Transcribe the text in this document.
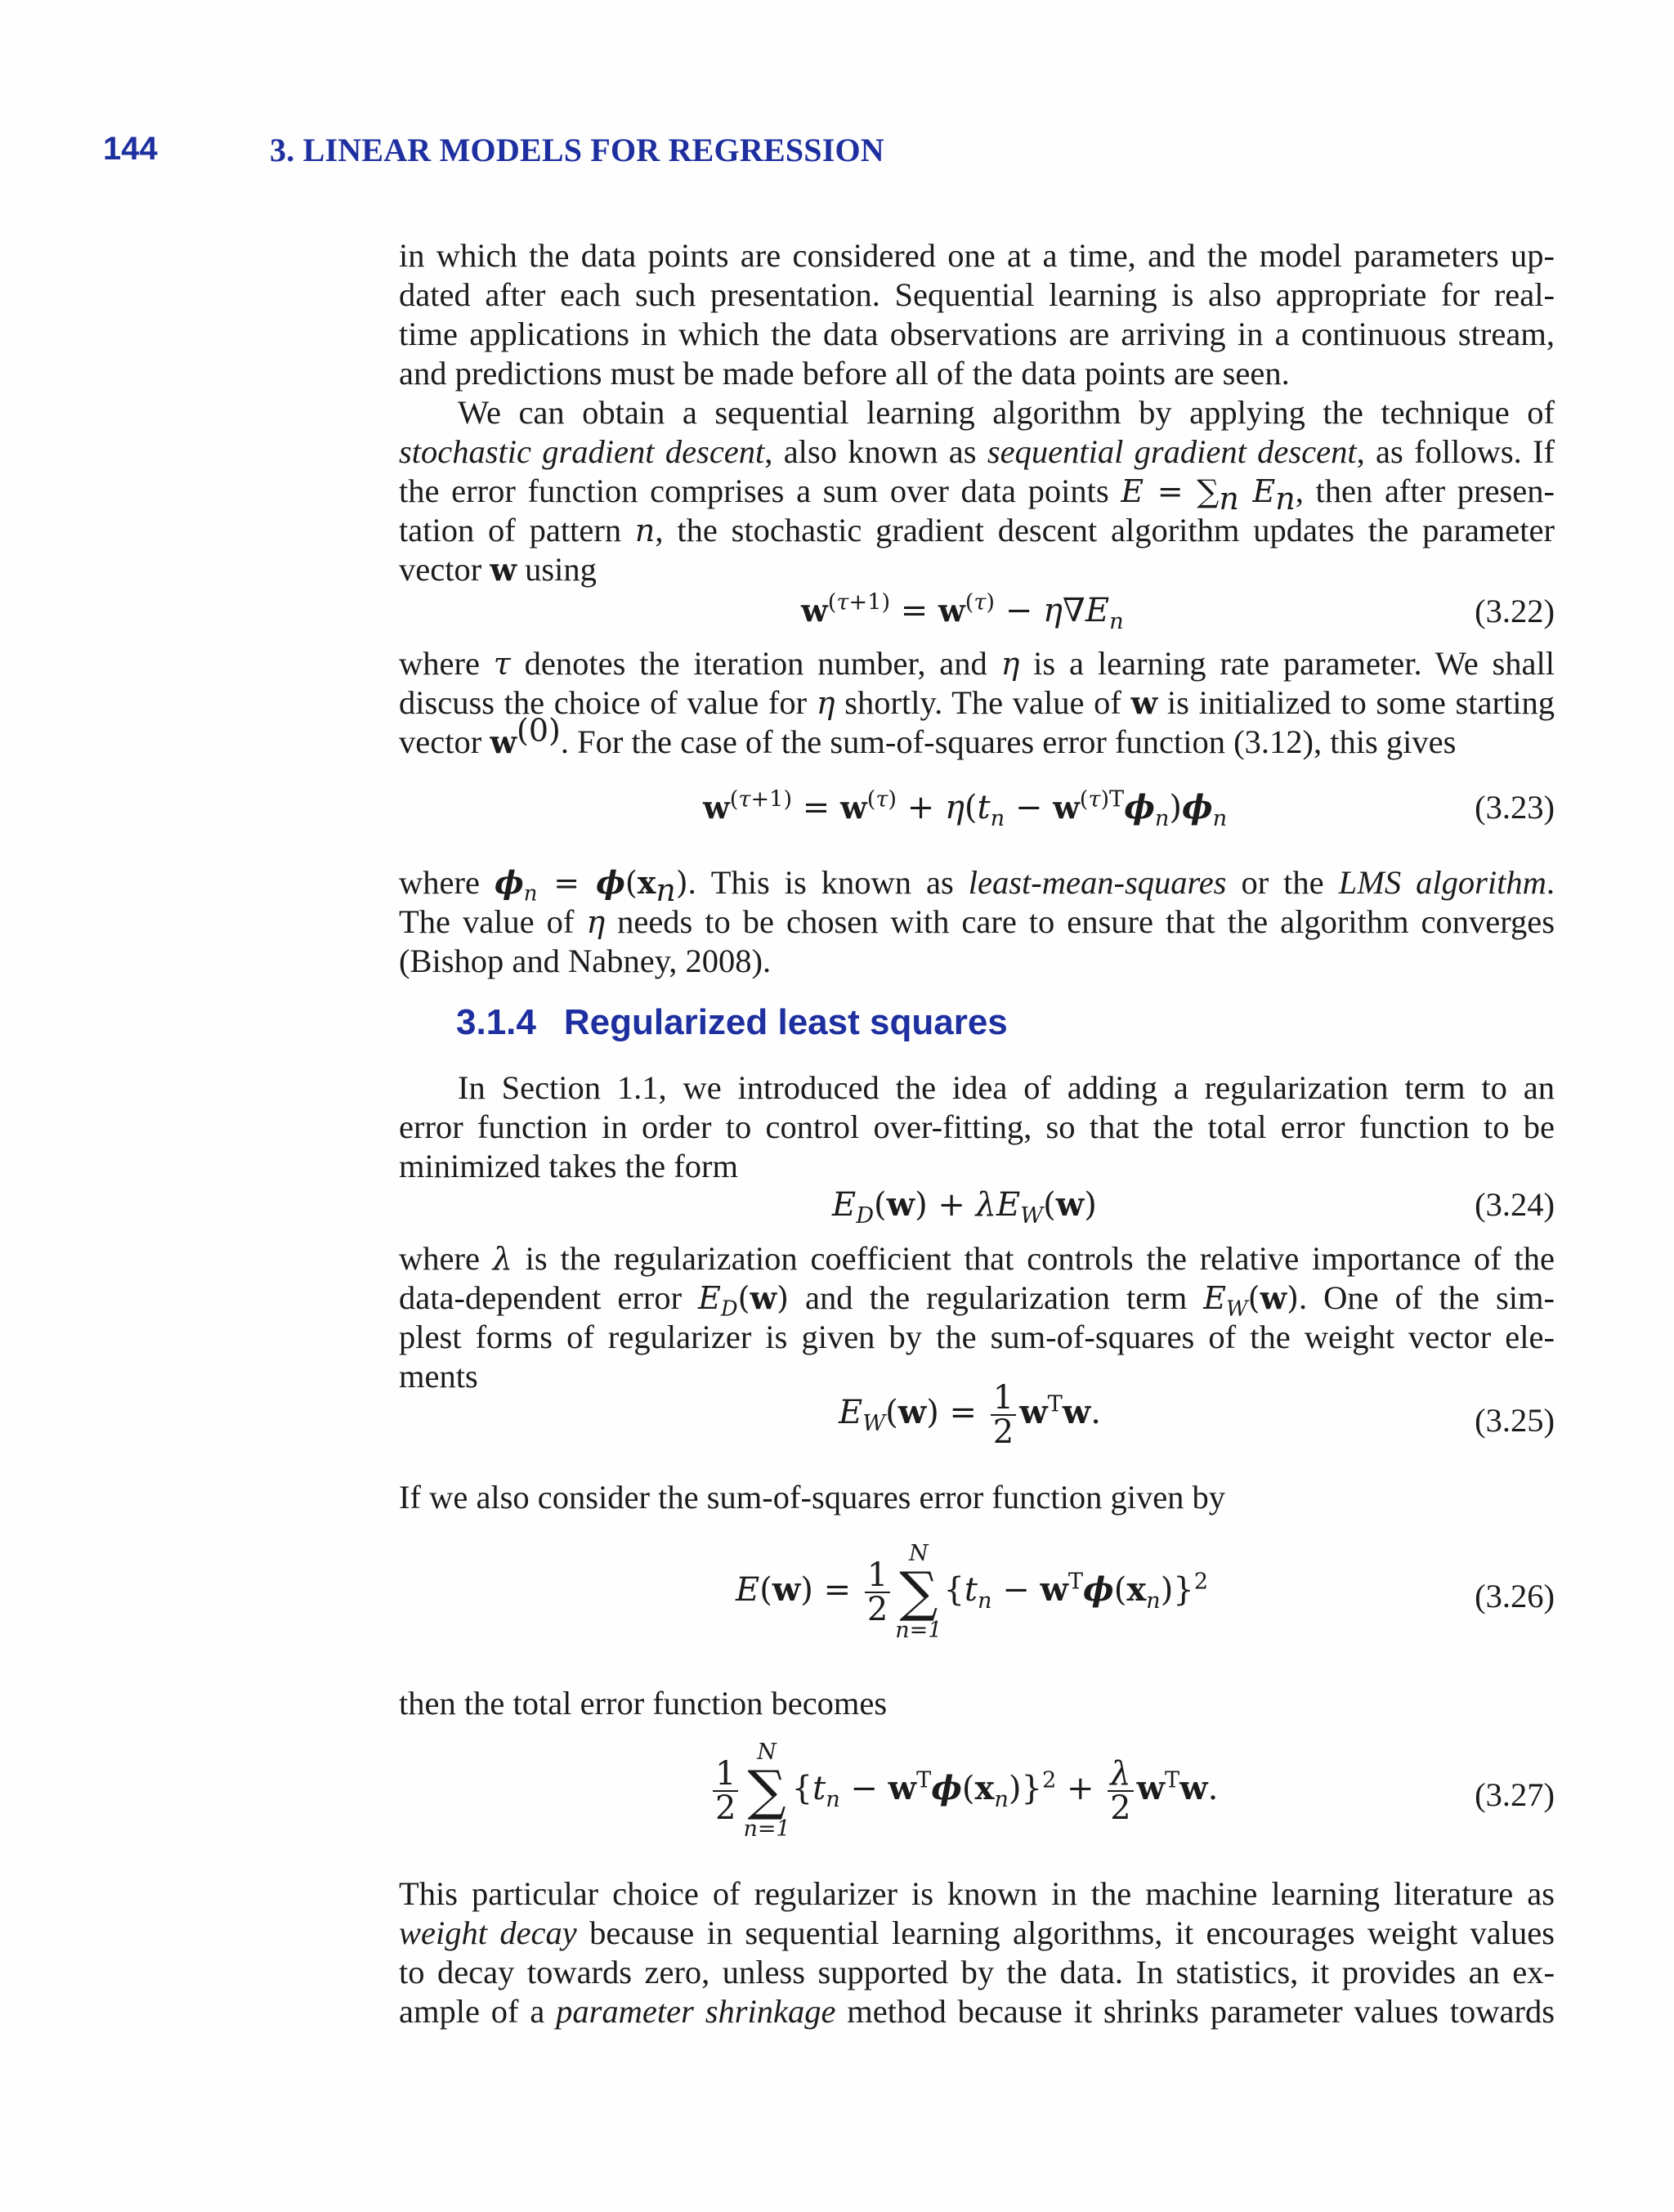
144	3. LINEAR MODELS FOR REGRESSION
in which the data points are considered one at a time, and the model parameters up-
dated after each such presentation. Sequential learning is also appropriate for real-
time applications in which the data observations are arriving in a continuous stream,
and predictions must be made before all of the data points are seen.
We can obtain a sequential learning algorithm by applying the technique of
stochastic gradient descent, also known as sequential gradient descent, as follows. If
the error function comprises a sum over data points $E = \sum_n$ $E_n$, then after presen-
tation of pattern n, the stochastic gradient descent algorithm updates the parameter
vector w using
$w^{(\tau+1)} = w^{(\tau)} - \eta\nabla E_n$	(3.22)
where τ denotes the iteration number, and η is a learning rate parameter. We shall
discuss the choice of value for η shortly. The value of w is initialized to some starting
vector $w^{(0)}$. For the case of the sum-of-squares error function (3.12), this gives
$w^{(\tau+1)} = w^{(\tau)} + \eta(t_n - w^{(\tau)T}\phi_n)\phi_n$	(3.23)
where $\phi_n = \phi(x_n)$. This is known as least-mean-squares or the LMS algorithm.
The value of η needs to be chosen with care to ensure that the algorithm converges
(Bishop and Nabney, 2008).
3.1.4 Regularized least squares
In Section 1.1, we introduced the idea of adding a regularization term to an
error function in order to control over-fitting, so that the total error function to be
minimized takes the form
$E_D(w) + \lambda E_W(w)$	(3.24)
where λ is the regularization coefficient that controls the relative importance of the
data-dependent error $E_D(w)$ and the regularization term $E_W(w)$. One of the sim-
plest forms of regularizer is given by the sum-of-squares of the weight vector ele-
ments
$E_W(w) = \frac{1}{2} w^Tw$.	(3.25)
If we also consider the sum-of-squares error function given by
$E(w) = \frac{1}{2}$
N
∑
n=1
$\{t_n - w^T\phi(x_n)\}^2$	(3.26)
then the total error function becomes
$\frac{1}{2}$
N
∑
n=1
$\{t_n - w^T\phi(x_n)\}^2 + \frac{\lambda}{2} w^Tw$.	(3.27)
This particular choice of regularizer is known in the machine learning literature as
weight decay because in sequential learning algorithms, it encourages weight values
to decay towards zero, unless supported by the data. In statistics, it provides an ex-
ample of a parameter shrinkage method because it shrinks parameter values towards
